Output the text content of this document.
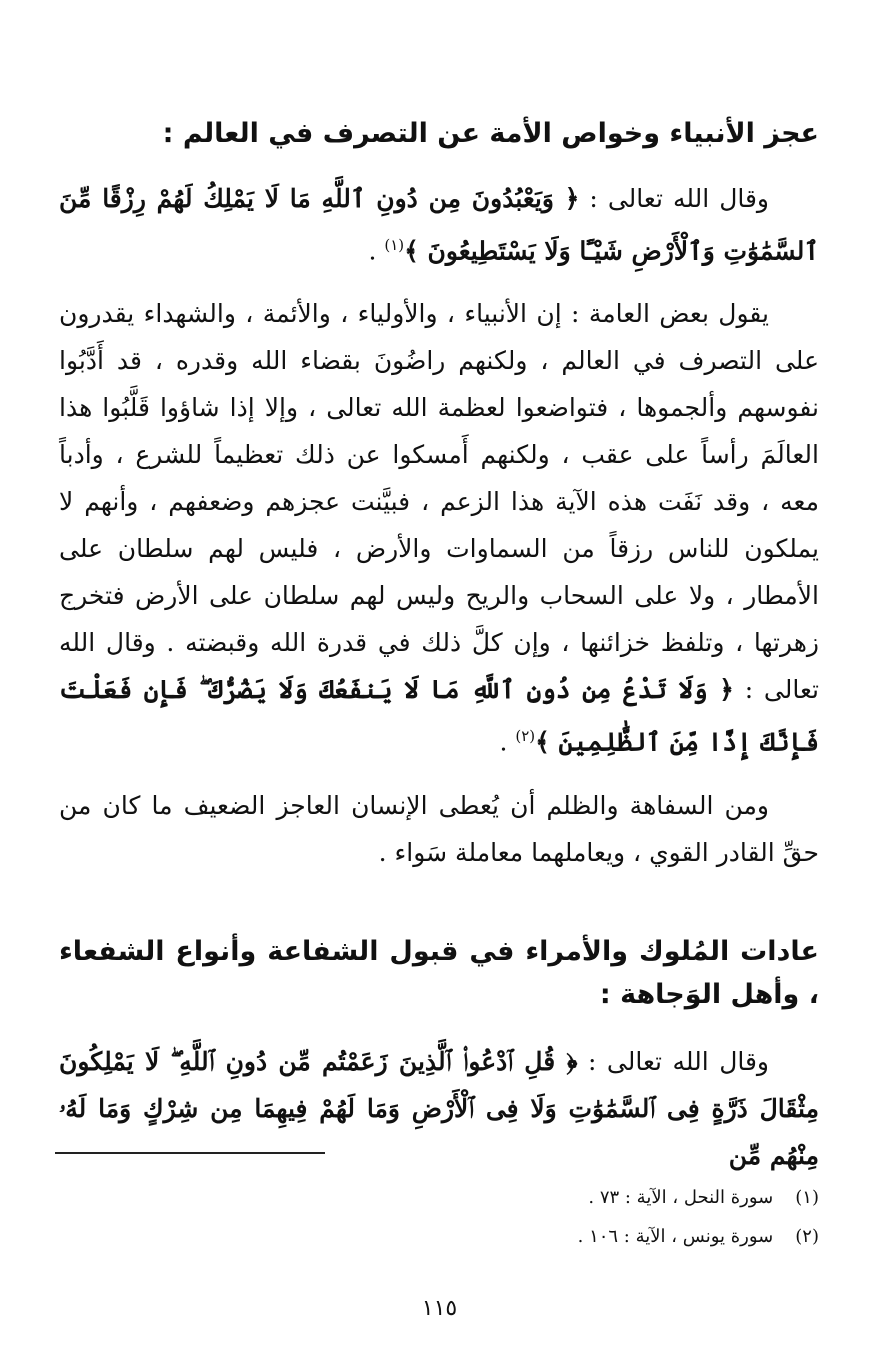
عجز الأنبياء وخواص الأمة عن التصرف في العالم :
وقال الله تعالى : ﴿ وَيَعْبُدُونَ مِن دُونِ ٱللَّهِ مَا لَا يَمْلِكُ لَهُمْ رِزْقًا مِّنَ ٱلسَّمَٰوَٰتِ وَٱلْأَرْضِ شَيْـًٔا وَلَا يَسْتَطِيعُونَ ﴾$^{(١)}$ .
يقول بعض العامة : إن الأنبياء ، والأولياء ، والأئمة ، والشهداء يقدرون على التصرف في العالم ، ولكنهم راضُونَ بقضاء الله وقدره ، قد أَدَّبُوا نفوسهم وألجموها ، فتواضعوا لعظمة الله تعالى ، وإلا إذا شاؤوا قَلَّبُوا هذا العالَمَ رأساً على عقب ، ولكنهم أَمسكوا عن ذلك تعظيماً للشرع ، وأدباً معه ، وقد نَفَت هذه الآية هذا الزعم ، فبيَّنت عجزهم وضعفهم ، وأنهم لا يملكون للناس رزقاً من السماوات والأرض ، فليس لهم سلطان على الأمطار ، ولا على السحاب والريح وليس لهم سلطان على الأرض فتخرج زهرتها ، وتلفظ خزائنها ، وإن كلَّ ذلك في قدرة الله وقبضته . وقال الله تعالى : ﴿ وَلَا تَدْعُ مِن دُونِ ٱللَّهِ مَا لَا يَنفَعُكَ وَلَا يَضُرُّكَ ۖ فَإِن فَعَلْتَ فَإِنَّكَ إِذًا مِّنَ ٱلظَّٰلِمِينَ ﴾$^{(٢)}$ .
ومن السفاهة والظلم أن يُعطى الإنسان العاجز الضعيف ما كان من حقِّ القادر القوي ، ويعاملهما معاملة سَواء .
عادات المُلوك والأمراء في قبول الشفاعة وأنواع الشفعاء ، وأهل الوَجاهة :
وقال الله تعالى : ﴿ قُلِ ٱدْعُوا۟ ٱلَّذِينَ زَعَمْتُم مِّن دُونِ ٱللَّهِ ۖ لَا يَمْلِكُونَ مِثْقَالَ ذَرَّةٍ فِى ٱلسَّمَٰوَٰتِ وَلَا فِى ٱلْأَرْضِ وَمَا لَهُمْ فِيهِمَا مِن شِرْكٍ وَمَا لَهُۥ مِنْهُم مِّن
(١) سورة النحل ، الآية : ٧٣ .
(٢) سورة يونس ، الآية : ١٠٦ .
١١٥
